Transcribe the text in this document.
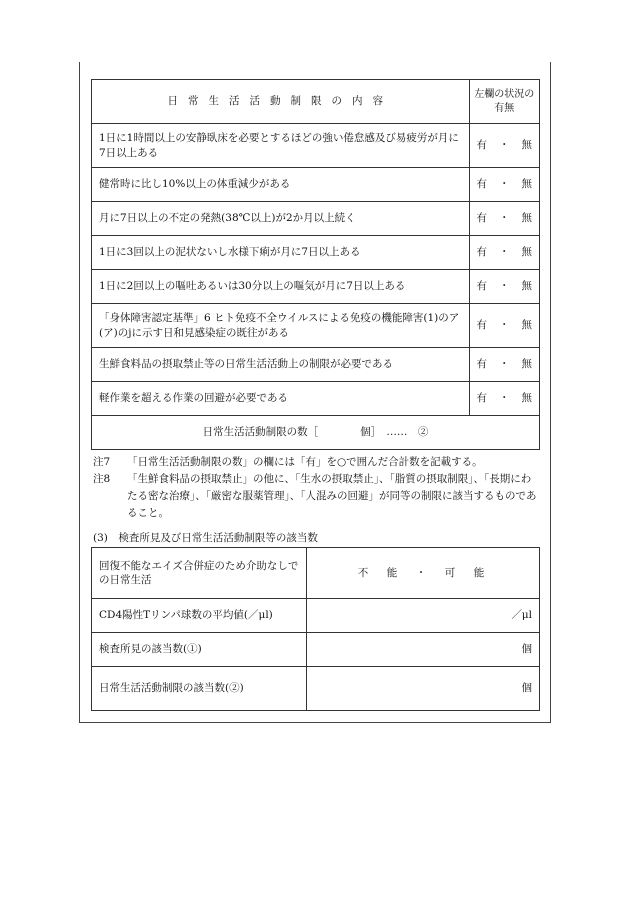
日常生活活動制限の内容	左欄の状況の有無
1日に1時間以上の安静臥床を必要とするほどの強い倦怠感及び易疲労が月に7日以上ある	有 ・ 無

健常時に比し10%以上の体重減少がある	有 ・ 無

月に7日以上の不定の発熱(38℃以上)が2か月以上続く	有 ・ 無

1日に3回以上の泥状ないし水様下痢が月に7日以上ある	有 ・ 無

1日に2回以上の嘔吐あるいは30分以上の嘔気が月に7日以上ある	有 ・ 無

「身体障害認定基準」6 ヒト免疫不全ウイルスによる免疫の機能障害(1)のア(ア)のjに示す日和見感染症の既往がある	有 ・ 無

生鮮食料品の摂取禁止等の日常生活活動上の制限が必要である	有 ・ 無

軽作業を超える作業の回避が必要である	有 ・ 無

日常生活活動制限の数［　　　　個］　……　②	
注7	「日常生活活動制限の数」の欄には「有」を○で囲んだ合計数を記載する。
注8	「生鮮食料品の摂取禁止」の他に、「生水の摂取禁止」、「脂質の摂取制限」、「長期にわたる密な治療」、「厳密な服薬管理」、「人混みの回避」が同等の制限に該当するものであること。
(3)　検査所見及び日常生活活動制限等の該当数
回復不能なエイズ合併症のため介助なしでの日常生活	不　能　・　可　能
CD4陽性Tリンパ球数の平均値(／μl)	／μl
検査所見の該当数(①)	個
日常生活活動制限の該当数(②)	個
